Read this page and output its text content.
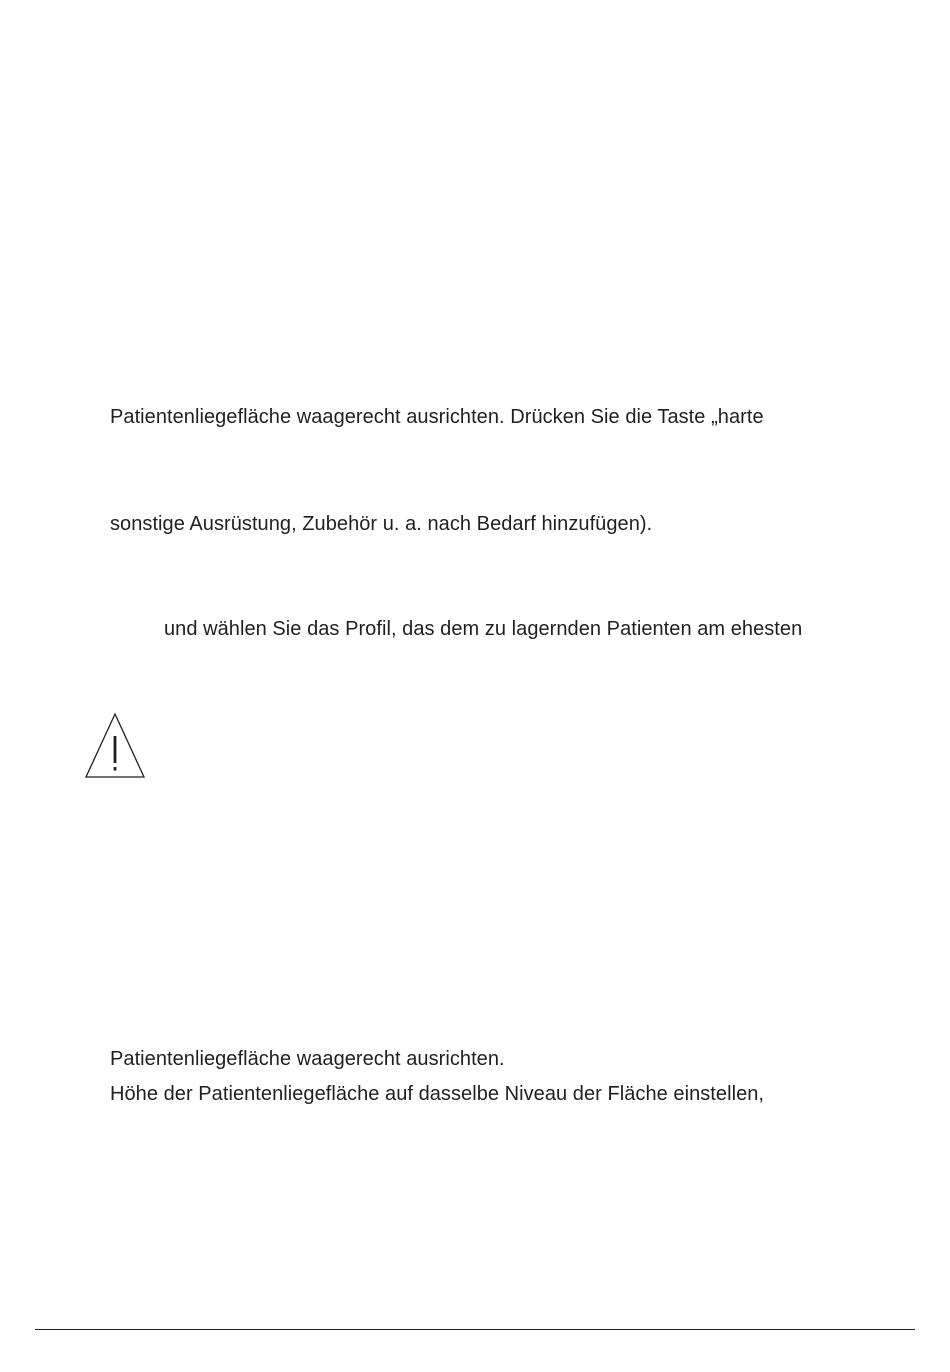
Patientenliegefläche waagerecht ausrichten. Drücken Sie die Taste „harte

sonstige Ausrüstung, Zubehör u. a. nach Bedarf hinzufügen).

und wählen Sie das Profil, das dem zu lagernden Patienten am ehesten

Patientenliegefläche waagerecht ausrichten.

Höhe der Patientenliegefläche auf dasselbe Niveau der Fläche einstellen,
